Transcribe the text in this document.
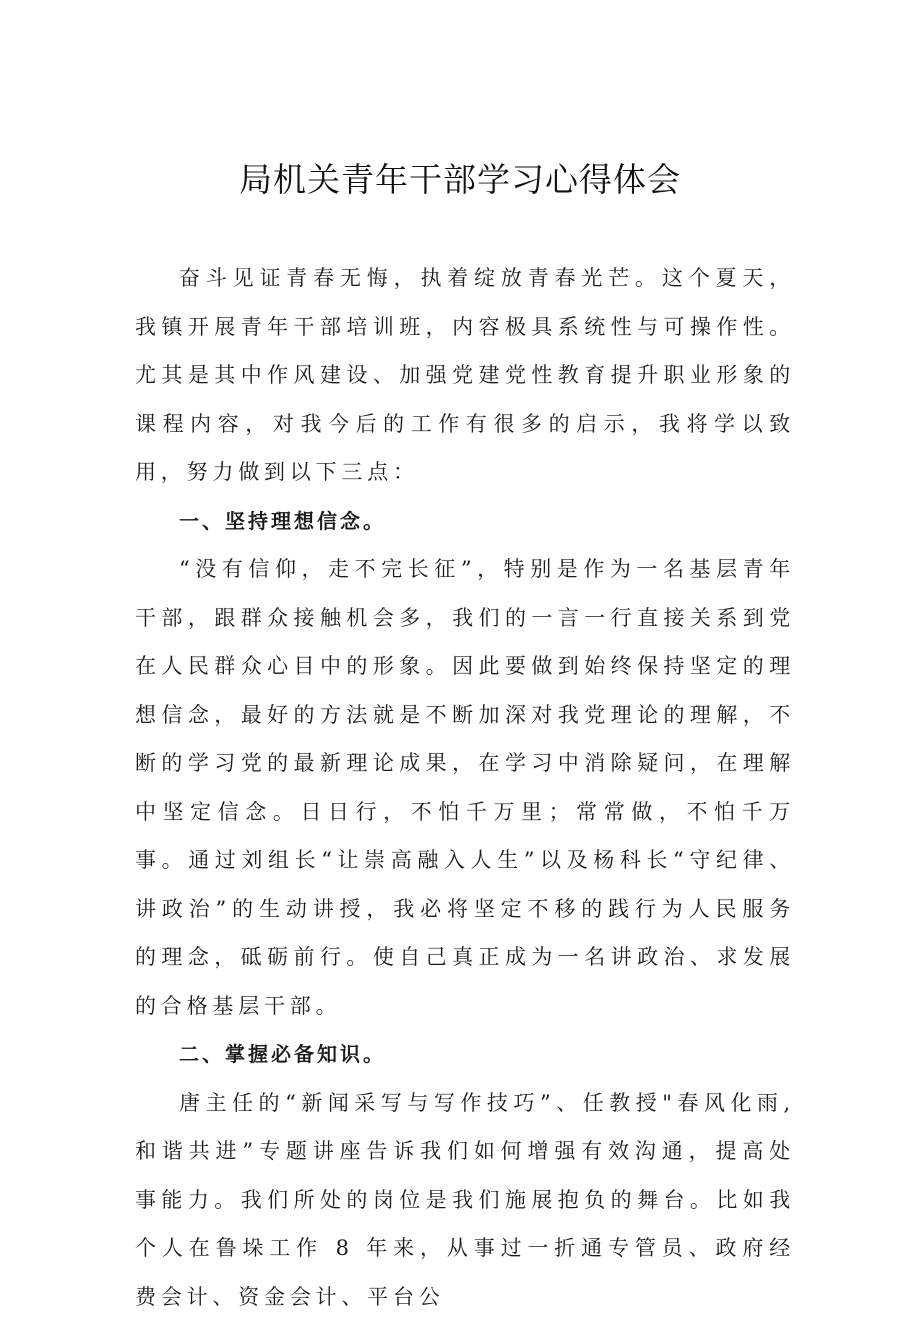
局机关青年干部学习心得体会

奋斗见证青春无悔，执着绽放青春光芒。这个夏天，我镇开展青年干部培训班，内容极具系统性与可操作性。尤其是其中作风建设、加强党建党性教育提升职业形象的课程内容，对我今后的工作有很多的启示，我将学以致用，努力做到以下三点：

一、坚持理想信念。

“没有信仰，走不完长征”，特别是作为一名基层青年干部，跟群众接触机会多，我们的一言一行直接关系到党在人民群众心目中的形象。因此要做到始终保持坚定的理想信念，最好的方法就是不断加深对我党理论的理解，不断的学习党的最新理论成果，在学习中消除疑问，在理解中坚定信念。日日行，不怕千万里；常常做，不怕千万事。通过刘组长“让崇高融入人生”以及杨科长“守纪律、讲政治”的生动讲授，我必将坚定不移的践行为人民服务的理念，砥砺前行。使自己真正成为一名讲政治、求发展的合格基层干部。

二、掌握必备知识。

唐主任的“新闻采写与写作技巧”、任教授"春风化雨,和谐共进”专题讲座告诉我们如何增强有效沟通，提高处事能力。我们所处的岗位是我们施展抱负的舞台。比如我个人在鲁垛工作 8 年来，从事过一折通专管员、政府经费会计、资金会计、平台公
